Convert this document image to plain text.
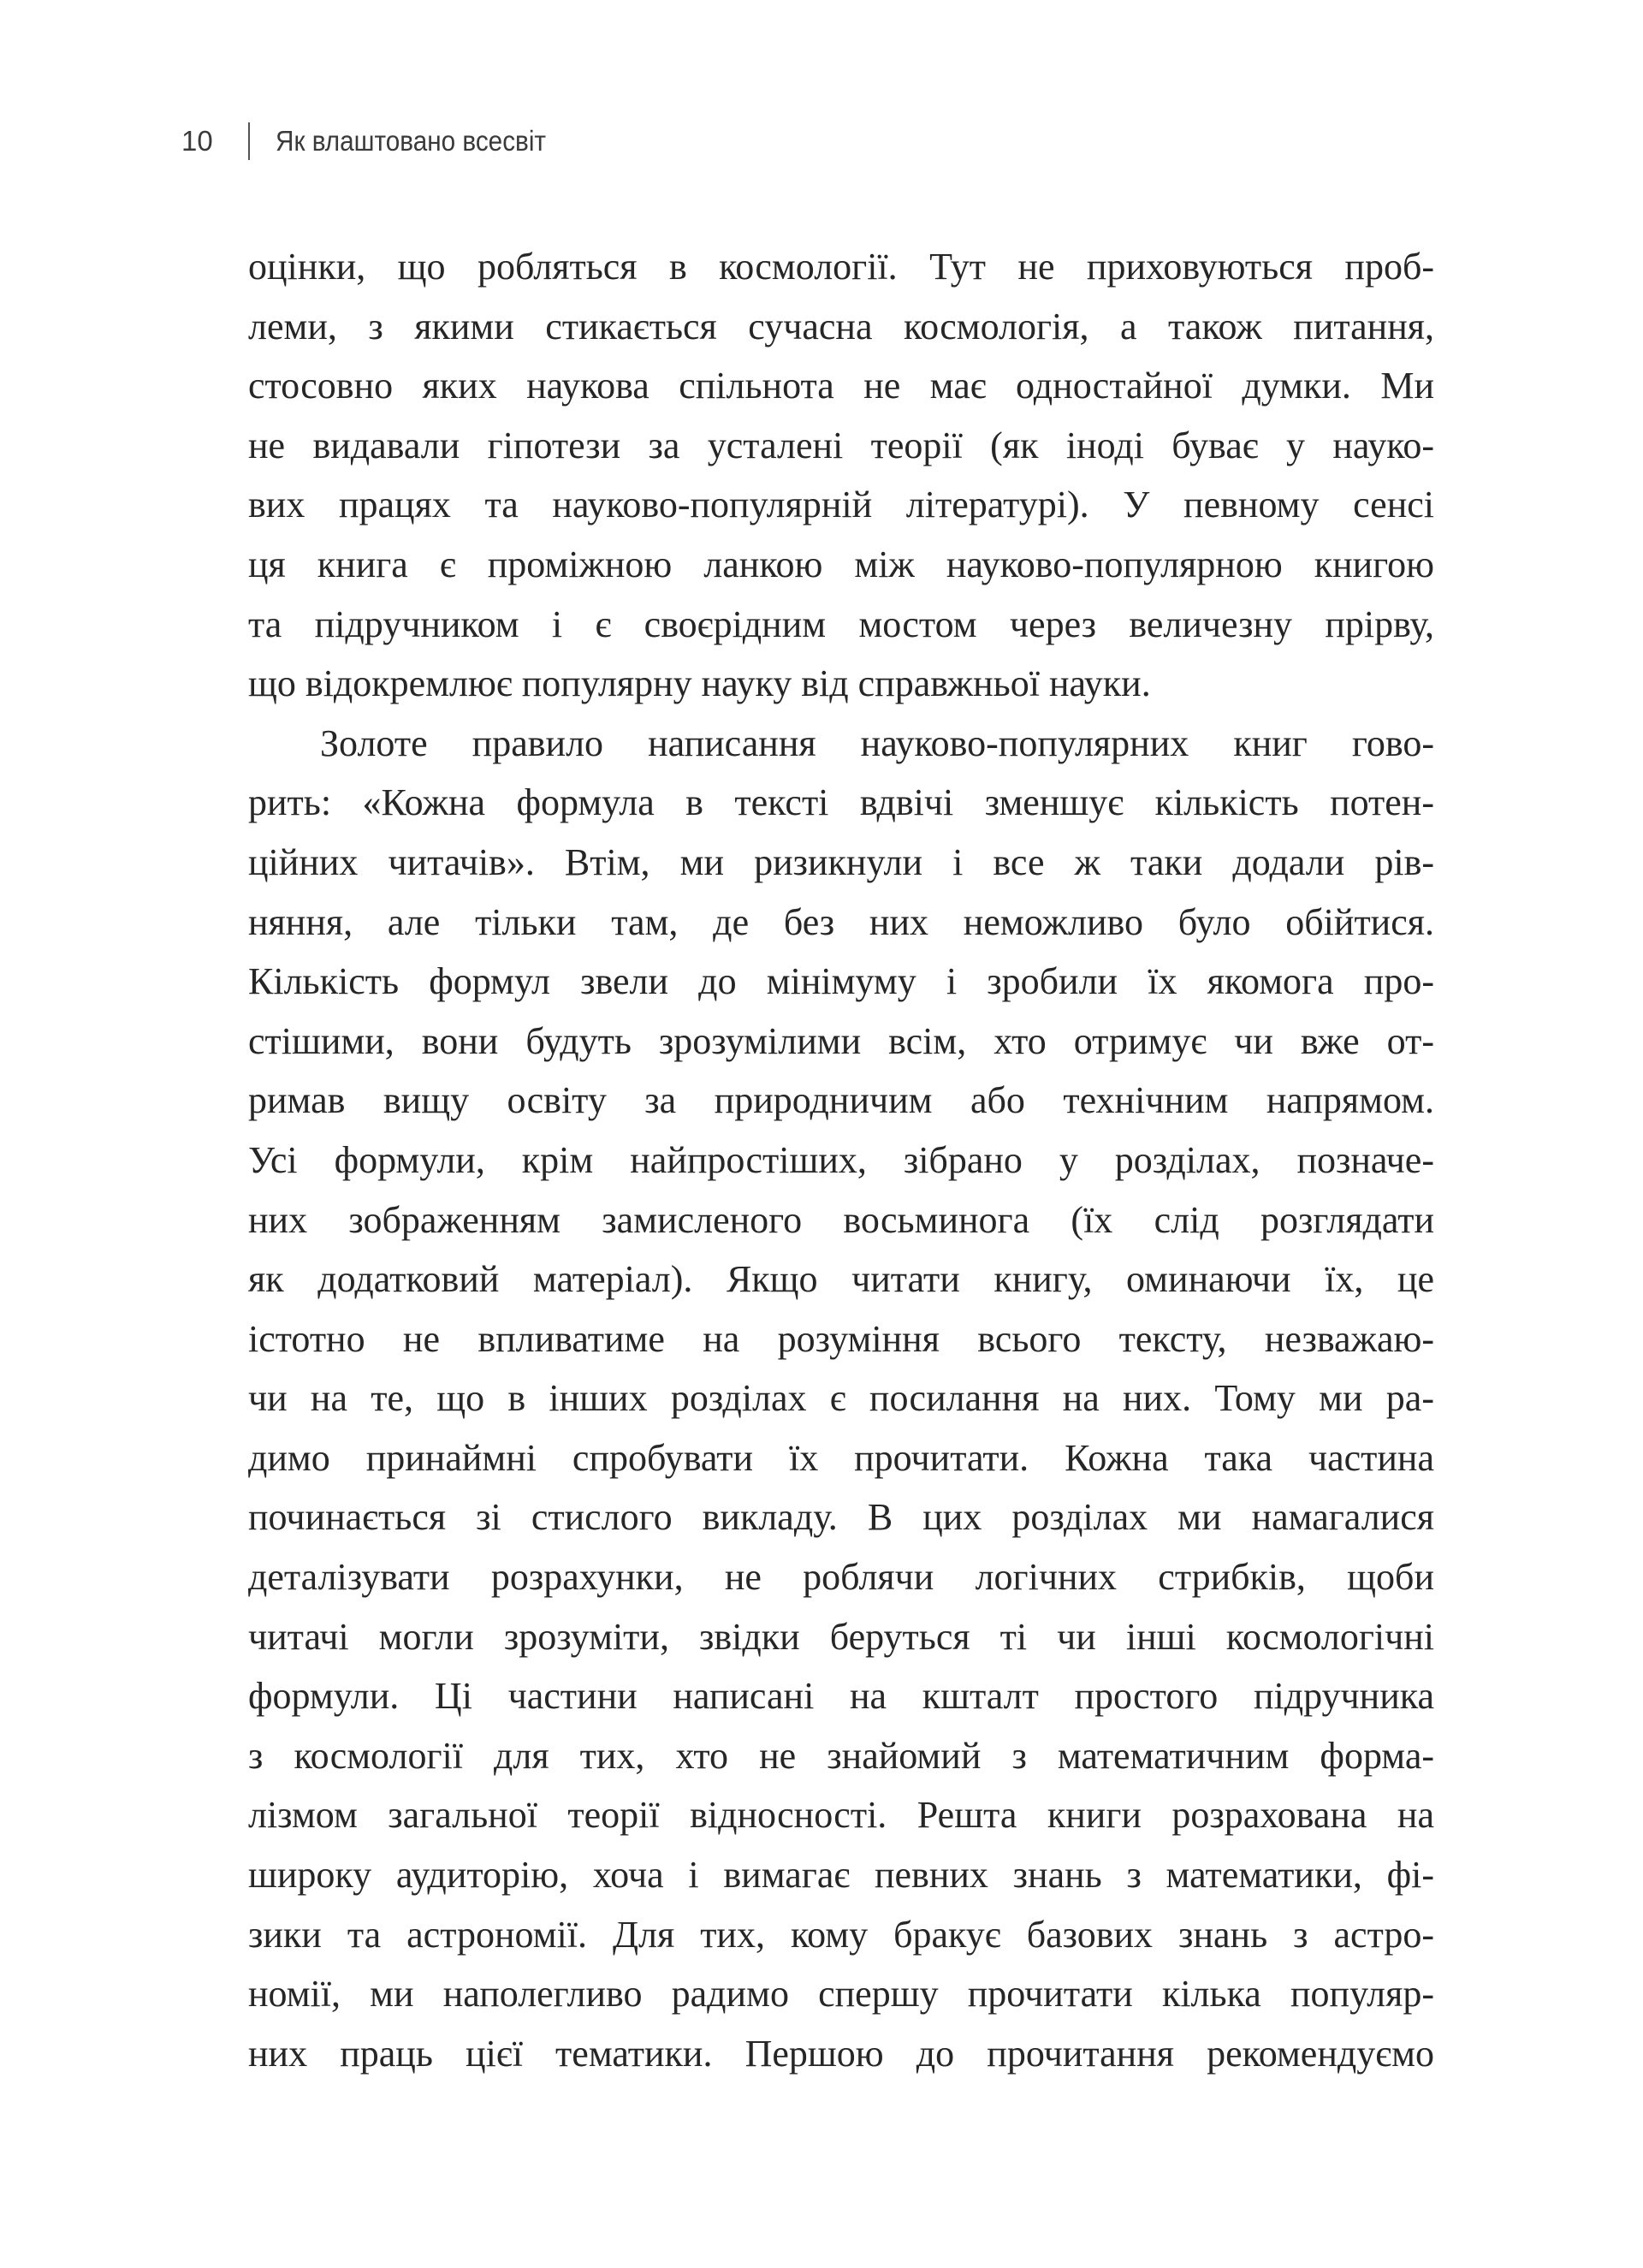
10	Як влаштовано всесвіт
оцінки, що робляться в космології. Тут не приховуються проб-
леми, з якими стикається сучасна космологія, а також питання,
стосовно яких наукова спільнота не має одностайної думки. Ми
не видавали гіпотези за усталені теорії (як іноді буває у науко-
вих працях та науково-популярній літературі). У певному сенсі
ця книга є проміжною ланкою між науково-популярною книгою
та підручником і є своєрідним мостом через величезну прірву,
що відокремлює популярну науку від справжньої науки.
Золоте правило написання науково-популярних книг гово-
рить: «Кожна формула в тексті вдвічі зменшує кількість потен-
ційних читачів». Втім, ми ризикнули і все ж таки додали рів-
няння, але тільки там, де без них неможливо було обійтися.
Кількість формул звели до мінімуму і зробили їх якомога про-
стішими, вони будуть зрозумілими всім, хто отримує чи вже от-
римав вищу освіту за природничим або технічним напрямом.
Усі формули, крім найпростіших, зібрано у розділах, позначе-
них зображенням замисленого восьминога (їх слід розглядати
як додатковий матеріал). Якщо читати книгу, оминаючи їх, це
істотно не впливатиме на розуміння всього тексту, незважаю-
чи на те, що в інших розділах є посилання на них. Тому ми ра-
димо принаймні спробувати їх прочитати. Кожна така частина
починається зі стислого викладу. В цих розділах ми намагалися
деталізувати розрахунки, не роблячи логічних стрибків, щоби
читачі могли зрозуміти, звідки беруться ті чи інші космологічні
формули. Ці частини написані на кшталт простого підручника
з космології для тих, хто не знайомий з математичним форма-
лізмом загальної теорії відносності. Решта книги розрахована на
широку аудиторію, хоча і вимагає певних знань з математики, фі-
зики та астрономії. Для тих, кому бракує базових знань з астро-
номії, ми наполегливо радимо спершу прочитати кілька популяр-
них праць цієї тематики. Першою до прочитання рекомендуємо
